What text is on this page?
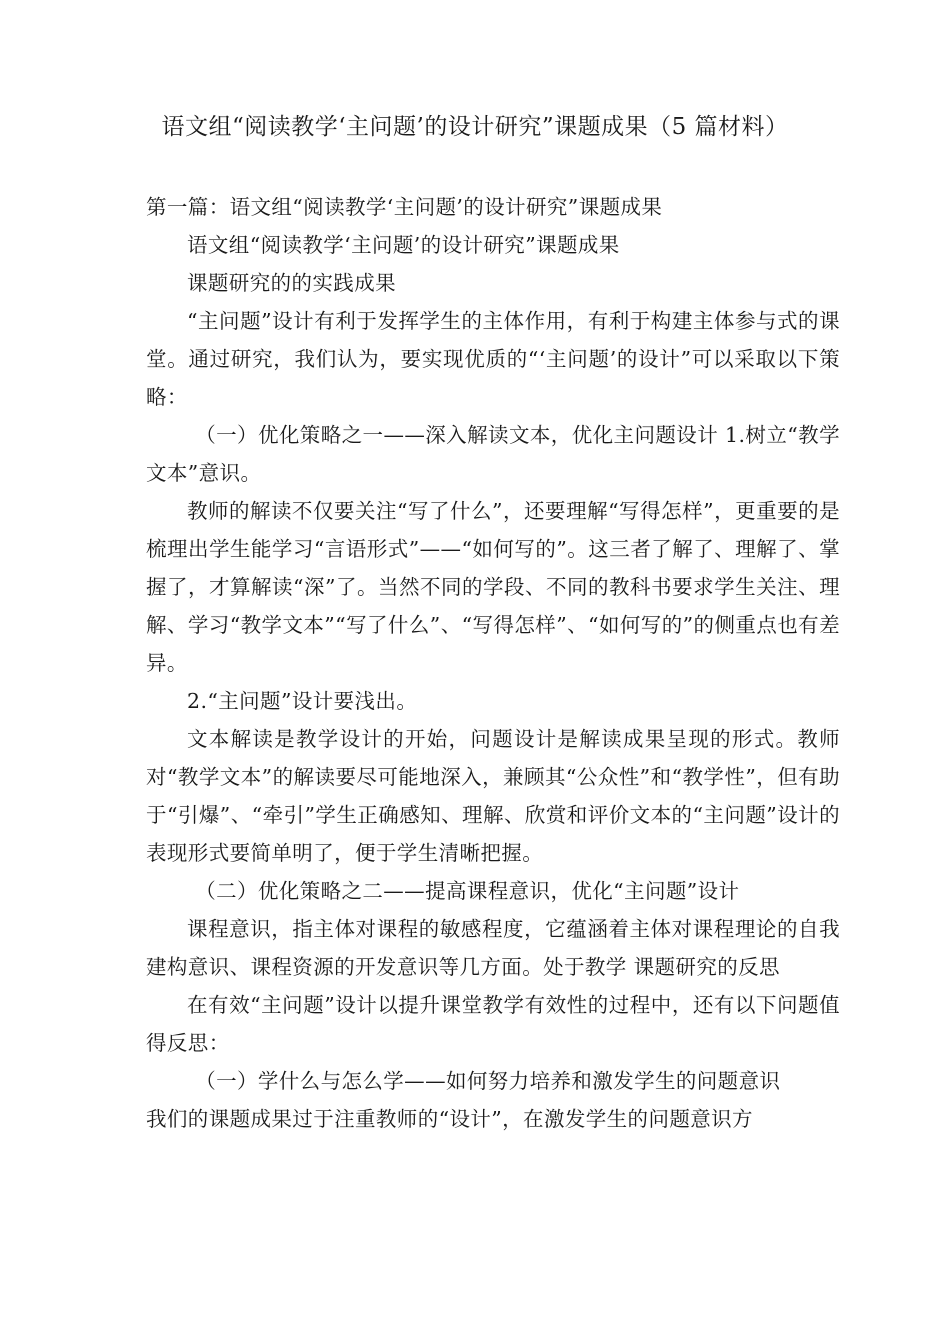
语文组“阅读教学‘主问题’的设计研究”课题成果（5 篇材料）

第一篇：语文组“阅读教学‘主问题’的设计研究”课题成果

语文组“阅读教学‘主问题’的设计研究”课题成果

课题研究的的实践成果

“主问题”设计有利于发挥学生的主体作用，有利于构建主体参与式的课堂。通过研究，我们认为，要实现优质的“‘主问题’的设计”可以采取以下策略：

（一）优化策略之一——深入解读文本，优化主问题设计 1.树立“教学文本”意识。

教师的解读不仅要关注“写了什么”，还要理解“写得怎样”，更重要的是梳理出学生能学习“言语形式”——“如何写的”。这三者了解了、理解了、掌握了，才算解读“深”了。当然不同的学段、不同的教科书要求学生关注、理解、学习“教学文本”“写了什么”、“写得怎样”、“如何写的”的侧重点也有差异。

2.“主问题”设计要浅出。

文本解读是教学设计的开始，问题设计是解读成果呈现的形式。教师对“教学文本”的解读要尽可能地深入，兼顾其“公众性”和“教学性”，但有助于“引爆”、“牵引”学生正确感知、理解、欣赏和评价文本的“主问题”设计的表现形式要简单明了，便于学生清晰把握。

（二）优化策略之二——提高课程意识，优化“主问题”设计

课程意识，指主体对课程的敏感程度，它蕴涵着主体对课程理论的自我建构意识、课程资源的开发意识等几方面。处于教学 课题研究的反思

在有效“主问题”设计以提升课堂教学有效性的过程中，还有以下问题值得反思：

（一）学什么与怎么学——如何努力培养和激发学生的问题意识

我们的课题成果过于注重教师的“设计”，在激发学生的问题意识方
